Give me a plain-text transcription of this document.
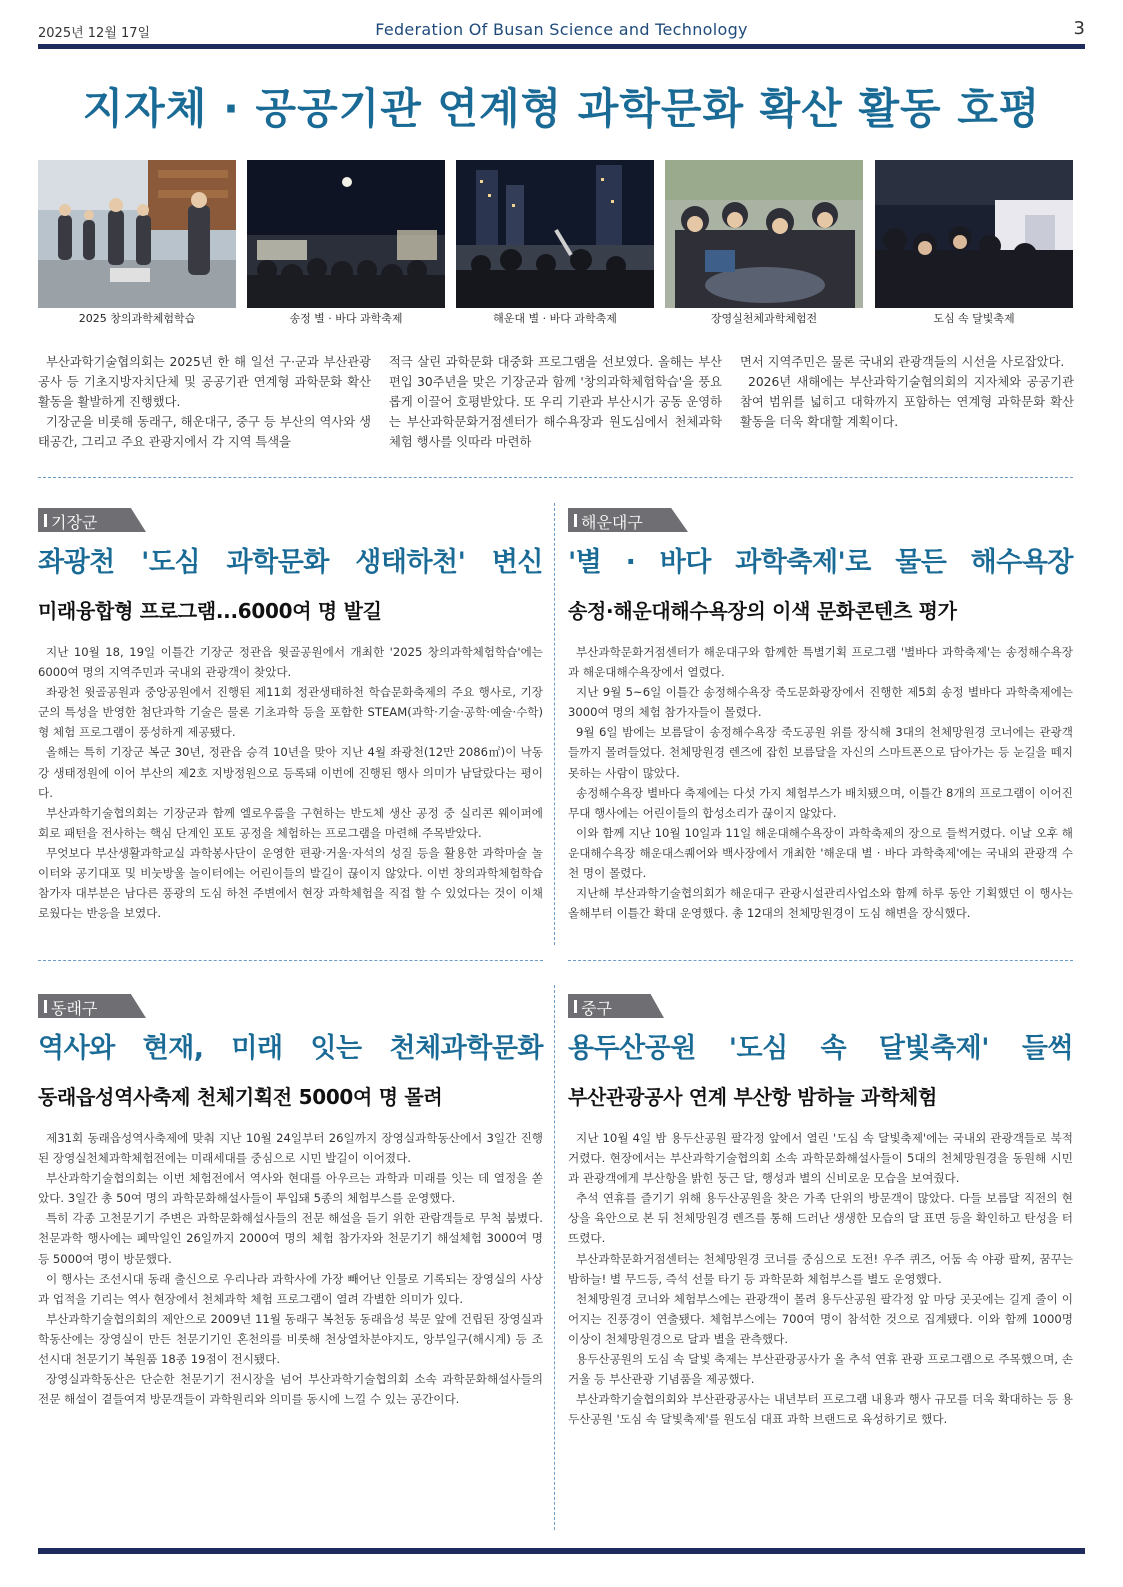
2025년 12월 17일	Federation Of Busan Science and Technology	3
지자체 · 공공기관 연계형 과학문화 확산 활동 호평
2025 창의과학체험학습	송정 별 · 바다 과학축제	해운대 별 · 바다 과학축제	장영실천체과학체험전	도심 속 달빛축제

부산과학기술협의회는 2025년 한 해 일선 구·군과 부산관광공사 등 기초지방자치단체 및 공공기관 연계형 과학문화 확산 활동을 활발하게 진행했다.

기장군을 비롯해 동래구, 해운대구, 중구 등 부산의 역사와 생태공간, 그리고 주요 관광지에서 각 지역 특색을

적극 살린 과학문화 대중화 프로그램을 선보였다. 올해는 부산 편입 30주년을 맞은 기장군과 함께 '창의과학체험학습'을 풍요롭게 이끌어 호평받았다. 또 우리 기관과 부산시가 공동 운영하는 부산과학문화거점센터가 해수욕장과 원도심에서 천체과학체험 행사를 잇따라 마련하

면서 지역주민은 물론 국내외 관광객들의 시선을 사로잡았다.

2026년 새해에는 부산과학기술협의회의 지자체와 공공기관 참여 범위를 넓히고 대학까지 포함하는 연계형 과학문화 확산 활동을 더욱 확대할 계획이다.

기장군
좌광천 '도심 과학문화 생태하천' 변신
미래융합형 프로그램...6000여 명 발길

지난 10월 18, 19일 이틀간 기장군 정관읍 윗골공원에서 개최한 '2025 창의과학체험학습'에는 6000여 명의 지역주민과 국내외 관광객이 찾았다.

좌광천 윗골공원과 중앙공원에서 진행된 제11회 정관생태하천 학습문화축제의 주요 행사로, 기장군의 특성을 반영한 첨단과학 기술은 물론 기초과학 등을 포함한 STEAM(과학·기술·공학·예술·수학)형 체험 프로그램이 풍성하게 제공됐다.

올해는 특히 기장군 복군 30년, 정관읍 승격 10년을 맞아 지난 4월 좌광천(12만 2086㎡)이 낙동강 생태정원에 이어 부산의 제2호 지방정원으로 등록돼 이번에 진행된 행사 의미가 남달랐다는 평이다.

부산과학기술협의회는 기장군과 함께 엘로우룸을 구현하는 반도체 생산 공정 중 실리콘 웨이퍼에 회로 패턴을 전사하는 핵심 단계인 포토 공정을 체험하는 프로그램을 마련해 주목받았다.

무엇보다 부산생활과학교실 과학봉사단이 운영한 편광·거울·자석의 성질 등을 활용한 과학마술 놀이터와 공기대포 및 비눗방울 놀이터에는 어린이들의 발길이 끊이지 않았다. 이번 창의과학체험학습 참가자 대부분은 남다른 풍광의 도심 하천 주변에서 현장 과학체험을 직접 할 수 있었다는 것이 이채로웠다는 반응을 보였다.

해운대구
'별 · 바다 과학축제'로 물든 해수욕장
송정·해운대해수욕장의 이색 문화콘텐츠 평가

부산과학문화거점센터가 해운대구와 함께한 특별기획 프로그램 '별바다 과학축제'는 송정해수욕장과 해운대해수욕장에서 열렸다.

지난 9월 5~6일 이틀간 송정해수욕장 죽도문화광장에서 진행한 제5회 송정 별바다 과학축제에는 3000여 명의 체험 참가자들이 몰렸다.

9월 6일 밤에는 보름달이 송정해수욕장 죽도공원 위를 장식해 3대의 천체망원경 코너에는 관광객들까지 몰려들었다. 천체망원경 렌즈에 잡힌 보름달을 자신의 스마트폰으로 담아가는 등 눈길을 떼지 못하는 사람이 많았다.

송정해수욕장 별바다 축제에는 다섯 가지 체험부스가 배치됐으며, 이틀간 8개의 프로그램이 이어진 무대 행사에는 어린이들의 합성소리가 끊이지 않았다.

이와 함께 지난 10월 10일과 11일 해운대해수욕장이 과학축제의 장으로 들썩거렸다. 이날 오후 해운대해수욕장 해운대스퀘어와 백사장에서 개최한 '해운대 별 · 바다 과학축제'에는 국내외 관광객 수천 명이 몰렸다.

지난해 부산과학기술협의회가 해운대구 관광시설관리사업소와 함께 하루 동안 기획했던 이 행사는 올해부터 이틀간 확대 운영했다. 총 12대의 천체망원경이 도심 해변을 장식했다.

동래구
역사와 현재, 미래 잇는 천체과학문화
동래읍성역사축제 천체기획전 5000여 명 몰려

제31회 동래읍성역사축제에 맞춰 지난 10월 24일부터 26일까지 장영실과학동산에서 3일간 진행된 장영실천체과학체험전에는 미래세대를 중심으로 시민 발길이 이어졌다.

부산과학기술협의회는 이번 체험전에서 역사와 현대를 아우르는 과학과 미래를 잇는 데 열정을 쏟았다. 3일간 총 50여 명의 과학문화해설사들이 투입돼 5종의 체험부스를 운영했다.

특히 각종 고천문기기 주변은 과학문화해설사들의 전문 해설을 듣기 위한 관람객들로 무척 붐볐다. 천문과학 행사에는 폐막일인 26일까지 2000여 명의 체험 참가자와 천문기기 해설체험 3000여 명 등 5000여 명이 방문했다.

이 행사는 조선시대 동래 출신으로 우리나라 과학사에 가장 빼어난 인물로 기록되는 장영실의 사상과 업적을 기리는 역사 현장에서 천체과학 체험 프로그램이 열려 각별한 의미가 있다.

부산과학기술협의회의 제안으로 2009년 11월 동래구 복천동 동래읍성 북문 앞에 건립된 장영실과학동산에는 장영실이 만든 천문기기인 혼천의를 비롯해 천상열차분야지도, 앙부일구(해시계) 등 조선시대 천문기기 복원품 18종 19점이 전시됐다.

장영실과학동산은 단순한 천문기기 전시장을 넘어 부산과학기술협의회 소속 과학문화해설사들의 전문 해설이 곁들여져 방문객들이 과학원리와 의미를 동시에 느낄 수 있는 공간이다.

중구
용두산공원 '도심 속 달빛축제' 들썩
부산관광공사 연계 부산항 밤하늘 과학체험

지난 10월 4일 밤 용두산공원 팔각정 앞에서 열린 '도심 속 달빛축제'에는 국내외 관광객들로 북적거렸다. 현장에서는 부산과학기술협의회 소속 과학문화해설사들이 5대의 천체망원경을 동원해 시민과 관광객에게 부산항을 밝힌 둥근 달, 행성과 별의 신비로운 모습을 보여줬다.

추석 연휴를 즐기기 위해 용두산공원을 찾은 가족 단위의 방문객이 많았다. 다들 보름달 직전의 현상을 육안으로 본 뒤 천체망원경 렌즈를 통해 드러난 생생한 모습의 달 표면 등을 확인하고 탄성을 터뜨렸다.

부산과학문화거점센터는 천체망원경 코너를 중심으로 도전! 우주 퀴즈, 어둠 속 야광 팔찌, 꿈꾸는 밤하늘! 별 무드등, 즉석 선물 타기 등 과학문화 체험부스를 별도 운영했다.

천체망원경 코너와 체험부스에는 관광객이 몰려 용두산공원 팔각정 앞 마당 곳곳에는 길게 줄이 이어지는 진풍경이 연출됐다. 체험부스에는 700여 명이 참석한 것으로 집계됐다. 이와 함께 1000명 이상이 천체망원경으로 달과 별을 관측했다.

용두산공원의 도심 속 달빛 축제는 부산관광공사가 올 추석 연휴 관광 프로그램으로 주목했으며, 손거울 등 부산관광 기념품을 제공했다.

부산과학기술협의회와 부산관광공사는 내년부터 프로그램 내용과 행사 규모를 더욱 확대하는 등 용두산공원 '도심 속 달빛축제'를 원도심 대표 과학 브랜드로 육성하기로 했다.
